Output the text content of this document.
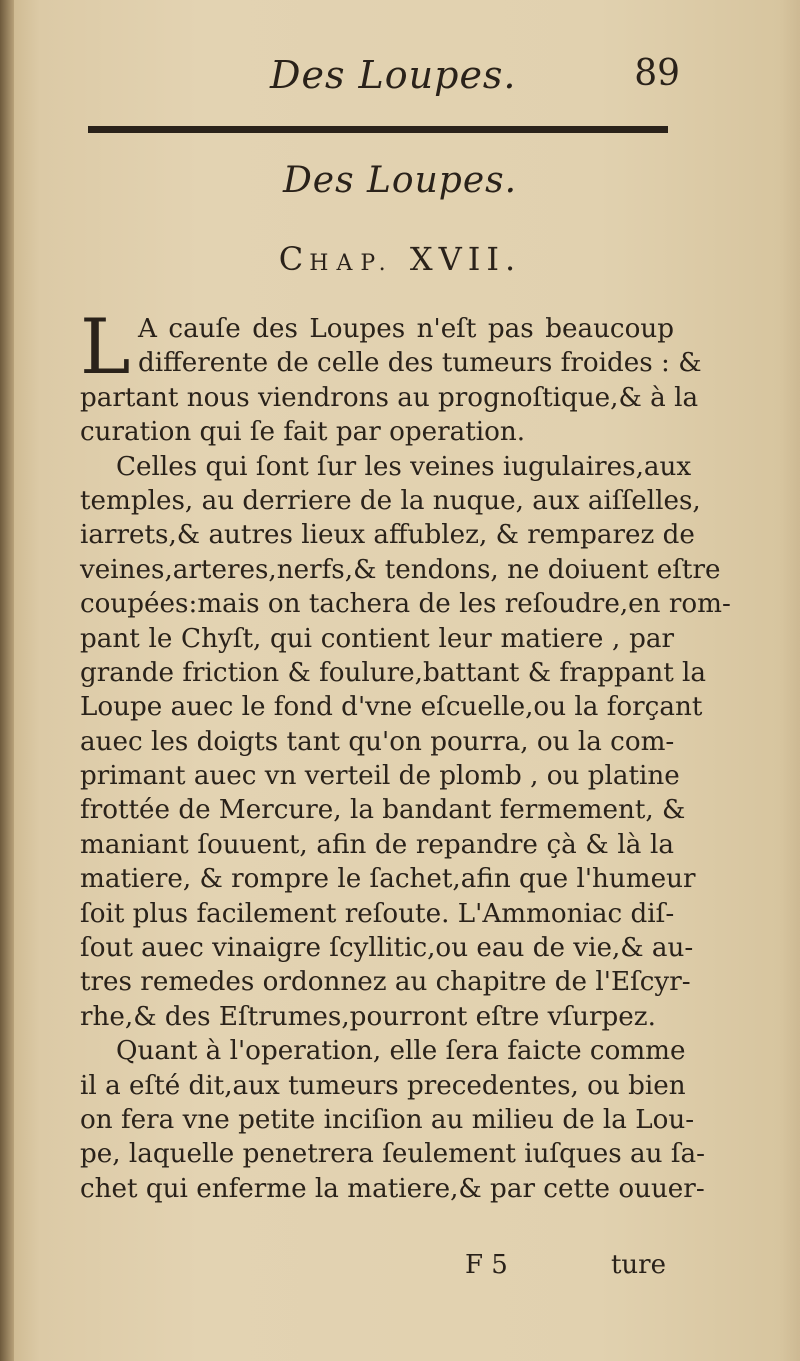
Des Loupes.	89
Des Loupes.
CHAP. XVII.
L A cauſe des Loupes n'eſt pas beaucoup
differente de celle des tumeurs froides : &
partant nous viendrons au prognoſtique,& à la
curation qui ſe fait par operation.
Celles qui ſont ſur les veines iugulaires,aux
temples, au derriere de la nuque, aux aiſſelles,
iarrets,& autres lieux affublez, & remparez de
veines,arteres,nerfs,& tendons, ne doiuent eſtre
coupées:mais on tachera de les reſoudre,en rom-
pant le Chyſt, qui contient leur matiere , par
grande friction & foulure,battant & frappant la
Loupe auec le fond d'vne eſcuelle,ou la forçant
auec les doigts tant qu'on pourra, ou la com-
primant auec vn verteil de plomb , ou platine
frottée de Mercure, la bandant fermement, &
maniant ſouuent, afin de repandre çà & là la
matiere, & rompre le ſachet,afin que l'humeur
ſoit plus facilement reſoute. L'Ammoniac diſ-
ſout auec vinaigre ſcyllitic,ou eau de vie,& au-
tres remedes ordonnez au chapitre de l'Eſcyr-
rhe,& des Eſtrumes,pourront eſtre vſurpez.
Quant à l'operation, elle ſera faicte comme
il a eſté dit,aux tumeurs precedentes, ou bien
on fera vne petite inciſion au milieu de la Lou-
pe, laquelle penetrera ſeulement iuſques au ſa-
chet qui enferme la matiere,& par cette ouuer-
F 5	ture
